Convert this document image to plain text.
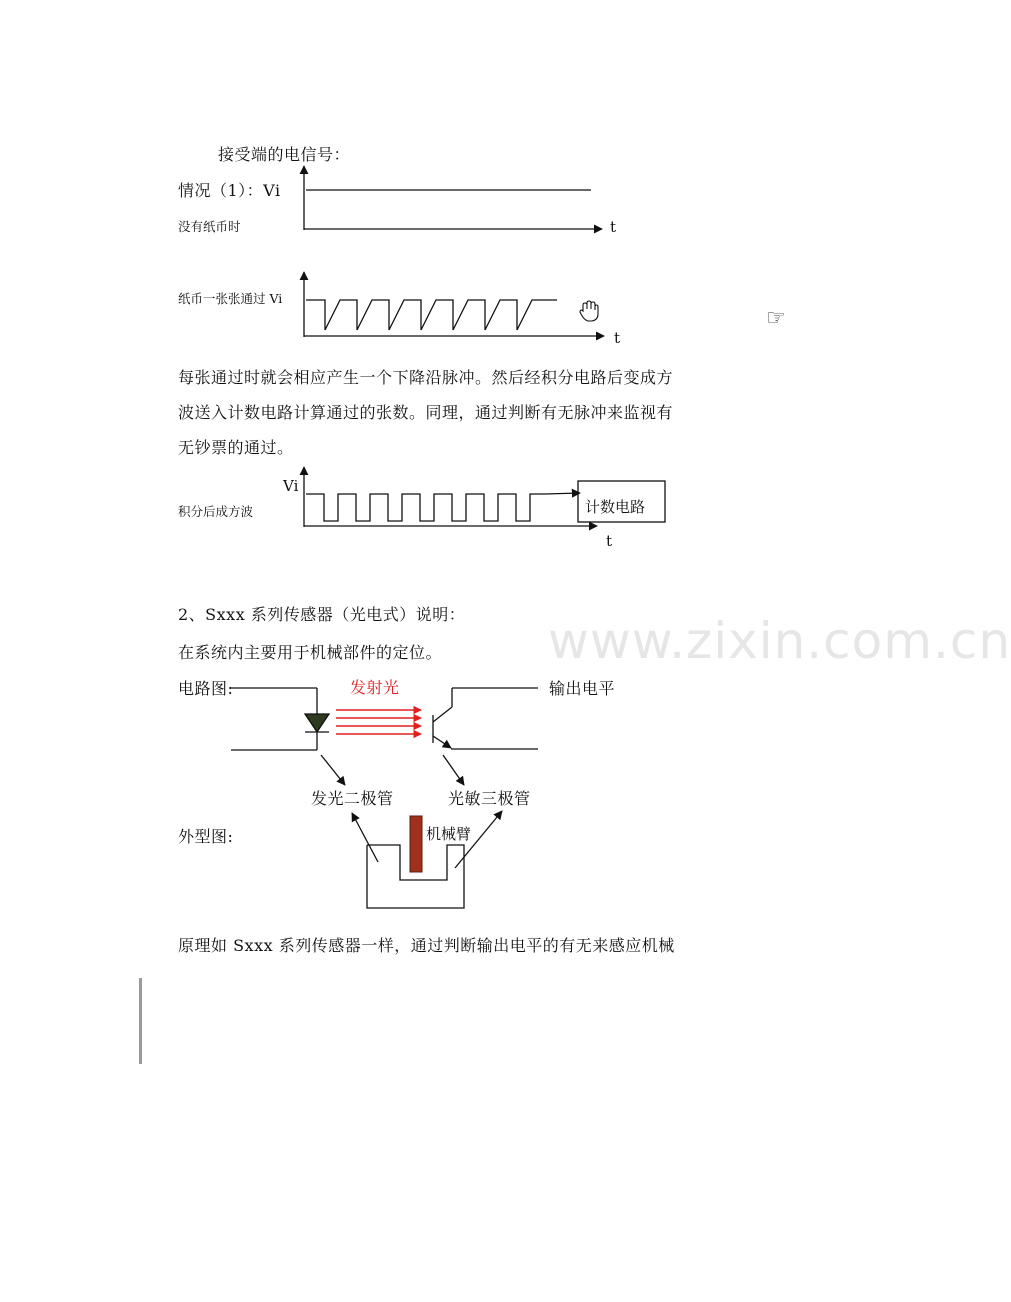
www.zixin.com.cn
接受端的电信号：
情况（1）：Vi
没有纸币时	t
纸币一张张通过 Vi
t
每张通过时就会相应产生一个下降沿脉冲。然后经积分电路后变成方
波送入计数电路计算通过的张数。同理，通过判断有无脉冲来监视有
无钞票的通过。
Vi
积分后成方波
t
计数电路
2、Sxxx 系列传感器（光电式）说明：
在系统内主要用于机械部件的定位。
电路图:	发射光	输出电平
发光二极管	光敏三极管
外型图:	机械臂
原理如 Sxxx 系列传感器一样，通过判断输出电平的有无来感应机械
☞
